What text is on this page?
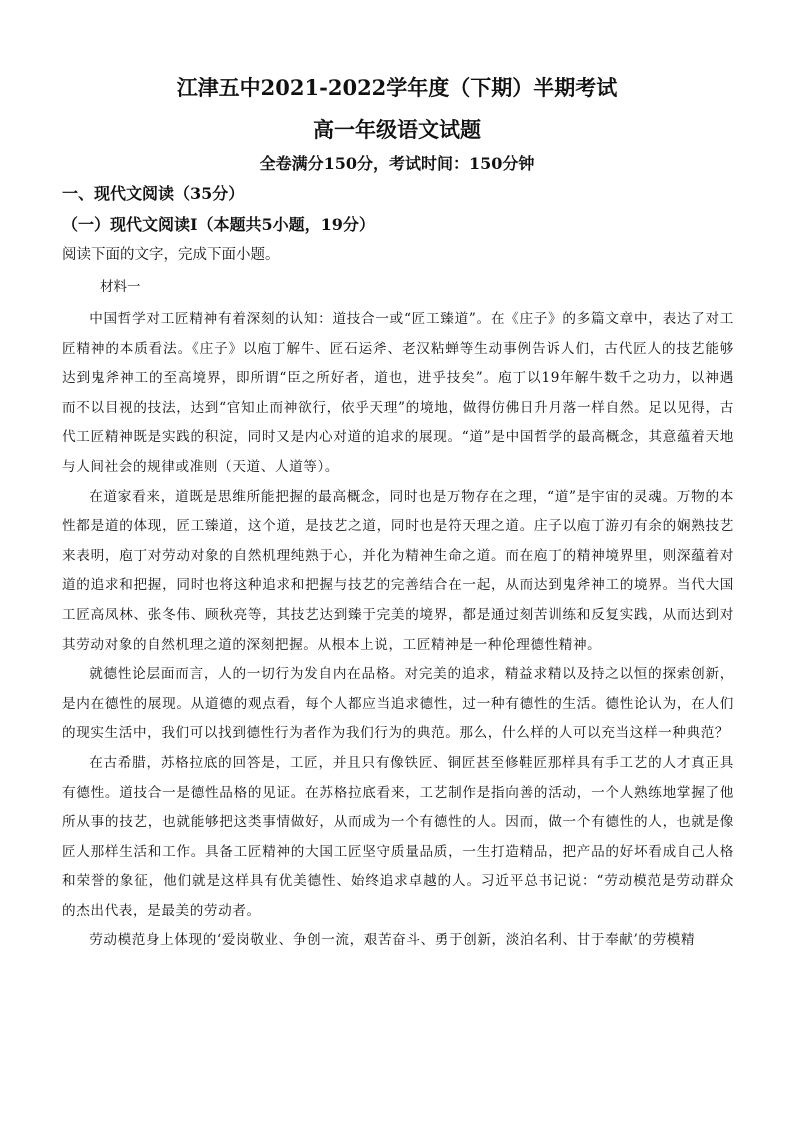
江津五中2021-2022学年度（下期）半期考试
高一年级语文试题
全卷满分150分，考试时间：150分钟
一、现代文阅读（35分）
（一）现代文阅读Ⅰ（本题共5小题，19分）
阅读下面的文字，完成下面小题。
材料一

中国哲学对工匠精神有着深刻的认知：道技合一或“匠工臻道”。在《庄子》的多篇文章中，表达了对工匠精神的本质看法。《庄子》以庖丁解牛、匠石运斧、老汉粘蝉等生动事例告诉人们，古代匠人的技艺能够达到鬼斧神工的至高境界，即所谓“臣之所好者，道也，进乎技矣”。庖丁以19年解牛数千之功力，以神遇而不以目视的技法，达到“官知止而神欲行，依乎天理”的境地，做得仿佛日升月落一样自然。足以见得，古代工匠精神既是实践的积淀，同时又是内心对道的追求的展现。“道”是中国哲学的最高概念，其意蕴着天地与人间社会的规律或准则（天道、人道等）。

在道家看来，道既是思维所能把握的最高概念，同时也是万物存在之理，“道”是宇宙的灵魂。万物的本性都是道的体现，匠工臻道，这个道，是技艺之道，同时也是符天理之道。庄子以庖丁游刃有余的娴熟技艺来表明，庖丁对劳动对象的自然机理纯熟于心，并化为精神生命之道。而在庖丁的精神境界里，则深蕴着对道的追求和把握，同时也将这种追求和把握与技艺的完善结合在一起，从而达到鬼斧神工的境界。当代大国工匠高凤林、张冬伟、顾秋亮等，其技艺达到臻于完美的境界，都是通过刻苦训练和反复实践，从而达到对其劳动对象的自然机理之道的深刻把握。从根本上说，工匠精神是一种伦理德性精神。

就德性论层面而言，人的一切行为发自内在品格。对完美的追求，精益求精以及持之以恒的探索创新，是内在德性的展现。从道德的观点看，每个人都应当追求德性，过一种有德性的生活。德性论认为，在人们的现实生活中，我们可以找到德性行为者作为我们行为的典范。那么，什么样的人可以充当这样一种典范？

在古希腊，苏格拉底的回答是，工匠，并且只有像铁匠、铜匠甚至修鞋匠那样具有手工艺的人才真正具有德性。道技合一是德性品格的见证。在苏格拉底看来，工艺制作是指向善的活动，一个人熟练地掌握了他所从事的技艺，也就能够把这类事情做好，从而成为一个有德性的人。因而，做一个有德性的人，也就是像匠人那样生活和工作。具备工匠精神的大国工匠坚守质量品质，一生打造精品，把产品的好坏看成自己人格和荣誉的象征，他们就是这样具有优美德性、始终追求卓越的人。习近平总书记说：“劳动模范是劳动群众的杰出代表，是最美的劳动者。

劳动模范身上体现的‘爱岗敬业、争创一流，艰苦奋斗、勇于创新，淡泊名利、甘于奉献’的劳模精
